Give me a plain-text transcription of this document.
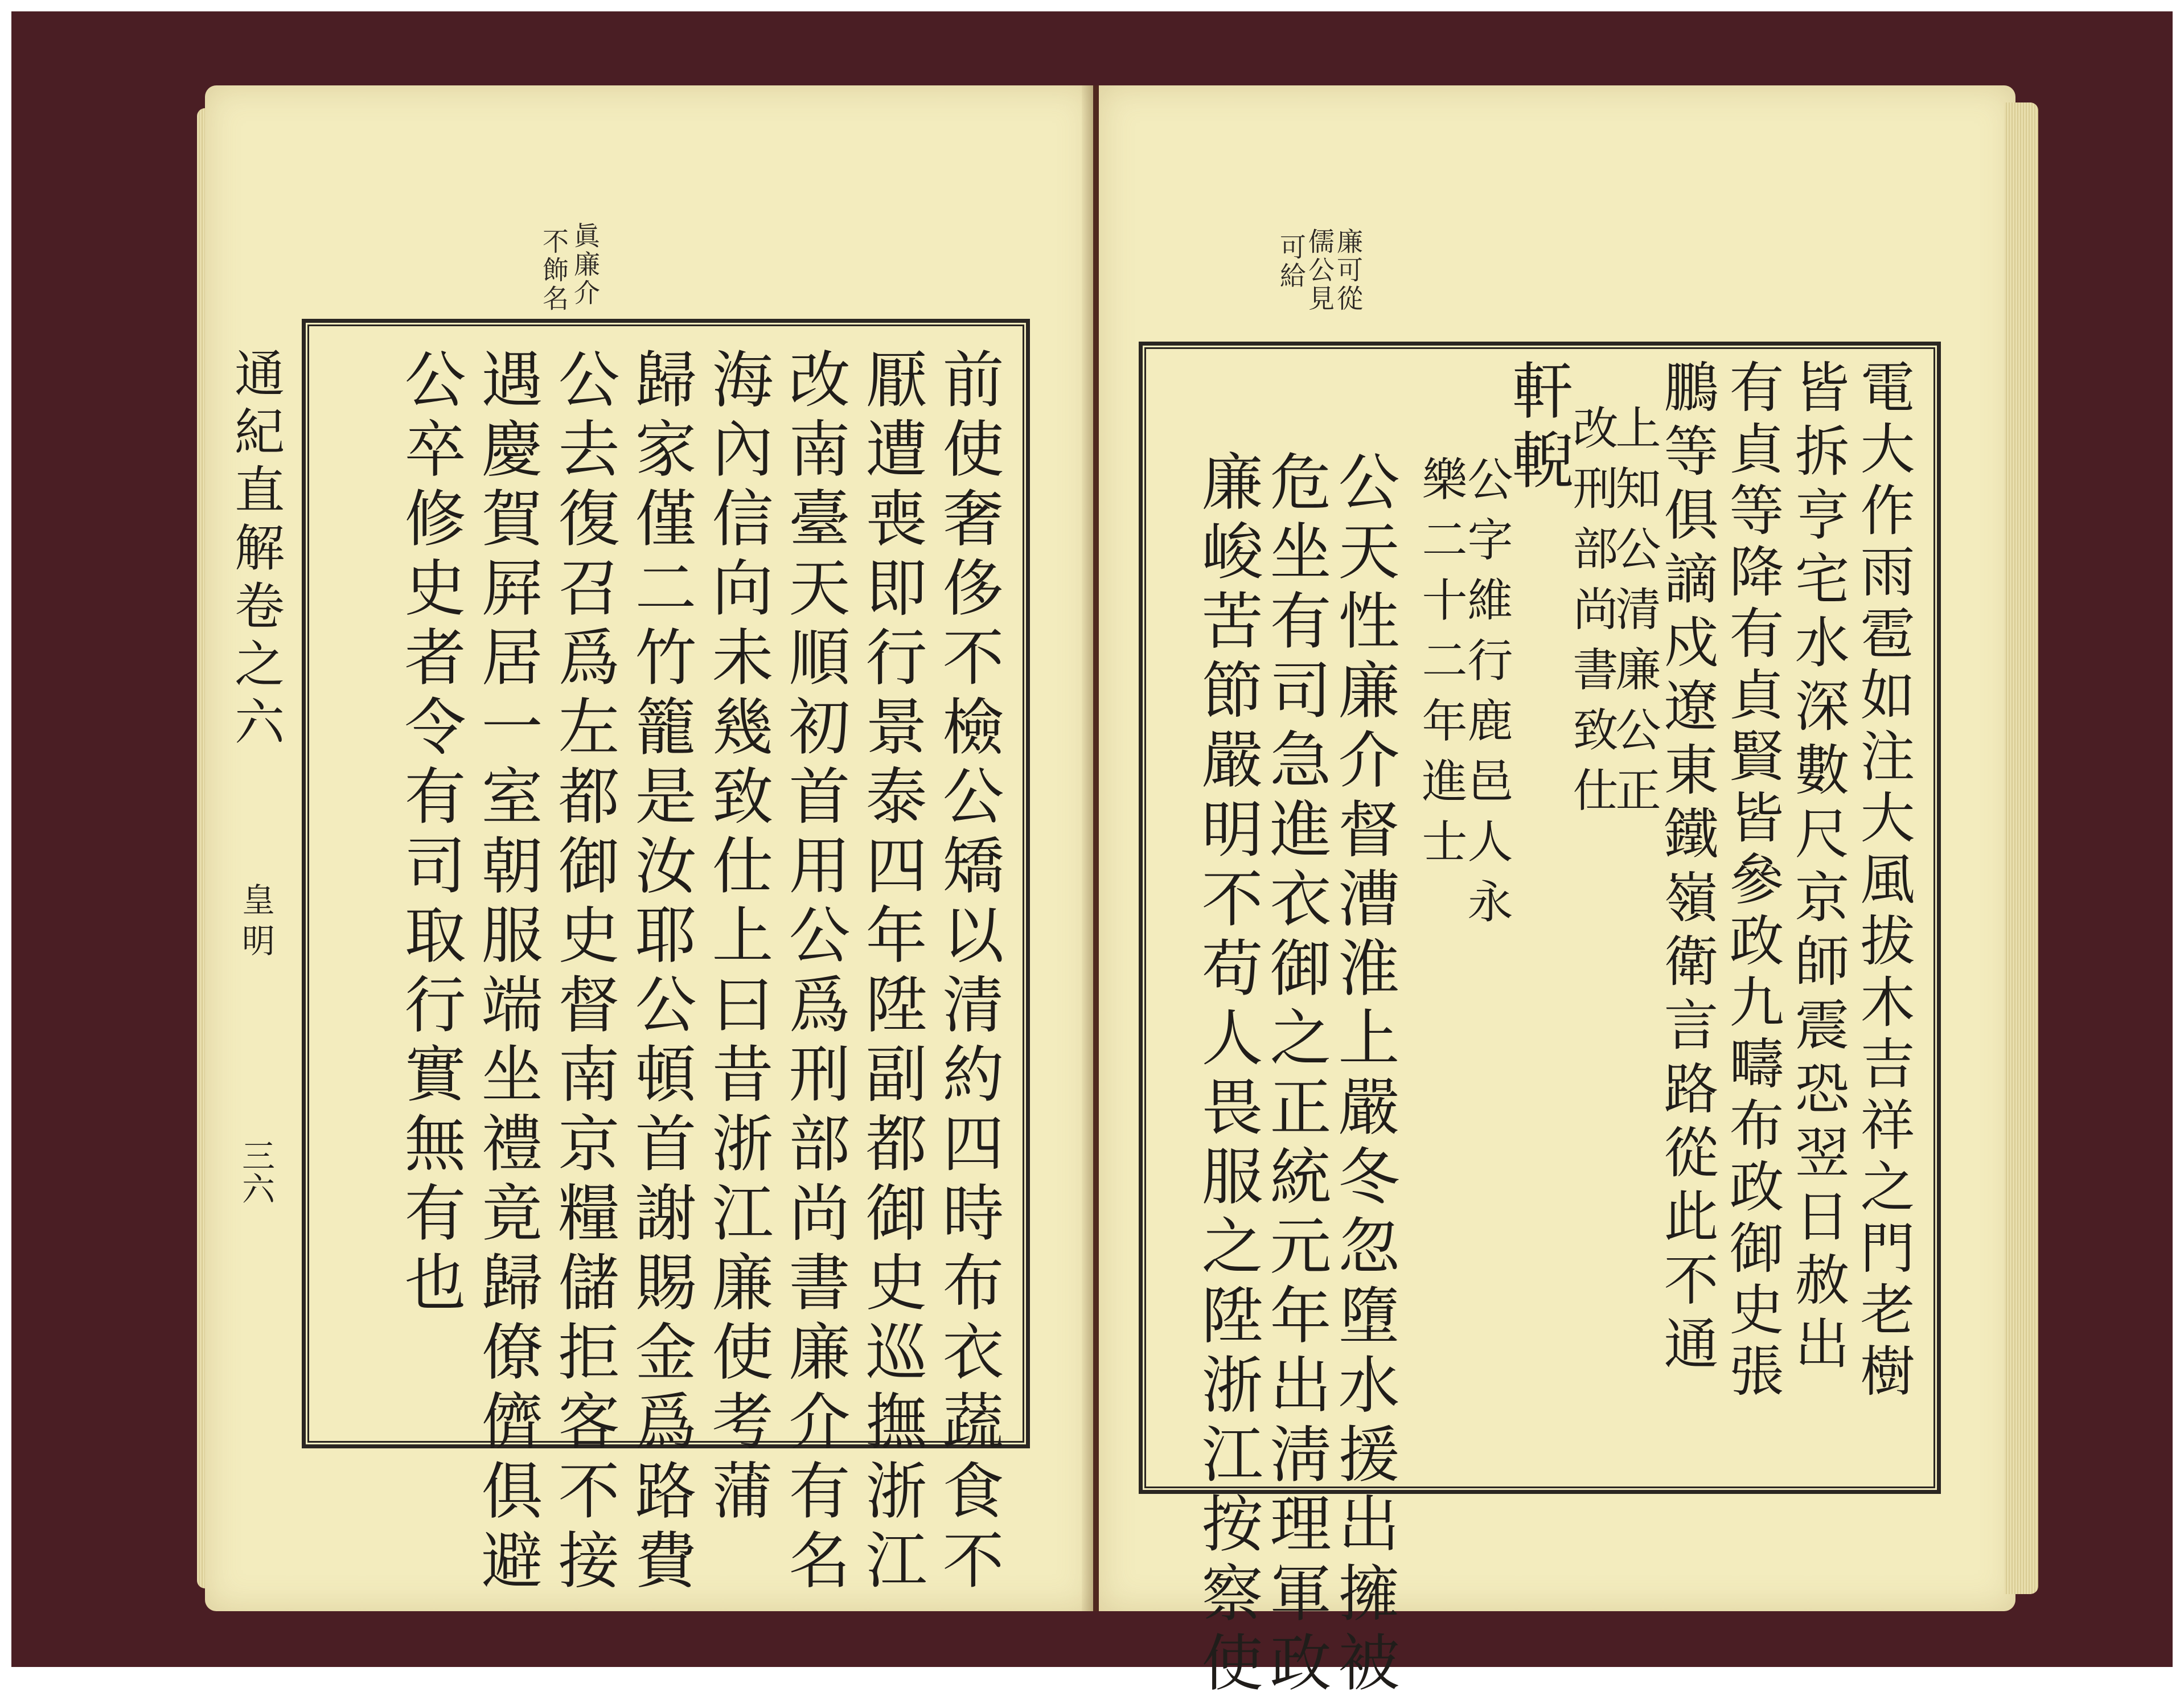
眞廉介
不飾名
通紀直解卷之六
皇明
三六	前使奢侈不檢公矯以清約四時布衣蔬食不
厭遭喪即行景泰四年陞副都御史巡撫浙江
改南臺天順初首用公爲刑部尚書廉介有名
海內信向未幾致仕上曰昔浙江廉使考蒲
歸家僅二竹籠是汝耶公頓首謝賜金爲路費
公去復召爲左都御史督南京糧儲拒客不接
遇慶賀屛居一室朝服端坐禮竟歸僚儕俱避
公卒修史者令有司取行實無有也
廉可從
儒公見
可給
電大作雨雹如注大風拔木吉祥之門老樹
皆拆亨宅水深數尺京師震恐翌日赦出
有貞等降有貞賢皆參政九疇布政御史張
鵬等俱謫戍遼東鐵嶺衛言路從此不通
上知公清廉公正
改刑部尚書致仕
軒輗
公字維行鹿邑人永
樂二十二年進士
公天性廉介督漕淮上嚴冬忽墮水援出擁被
危坐有司急進衣御之正統元年出淸理軍政
廉峻苦節嚴明不苟人畏服之陞浙江按察使
